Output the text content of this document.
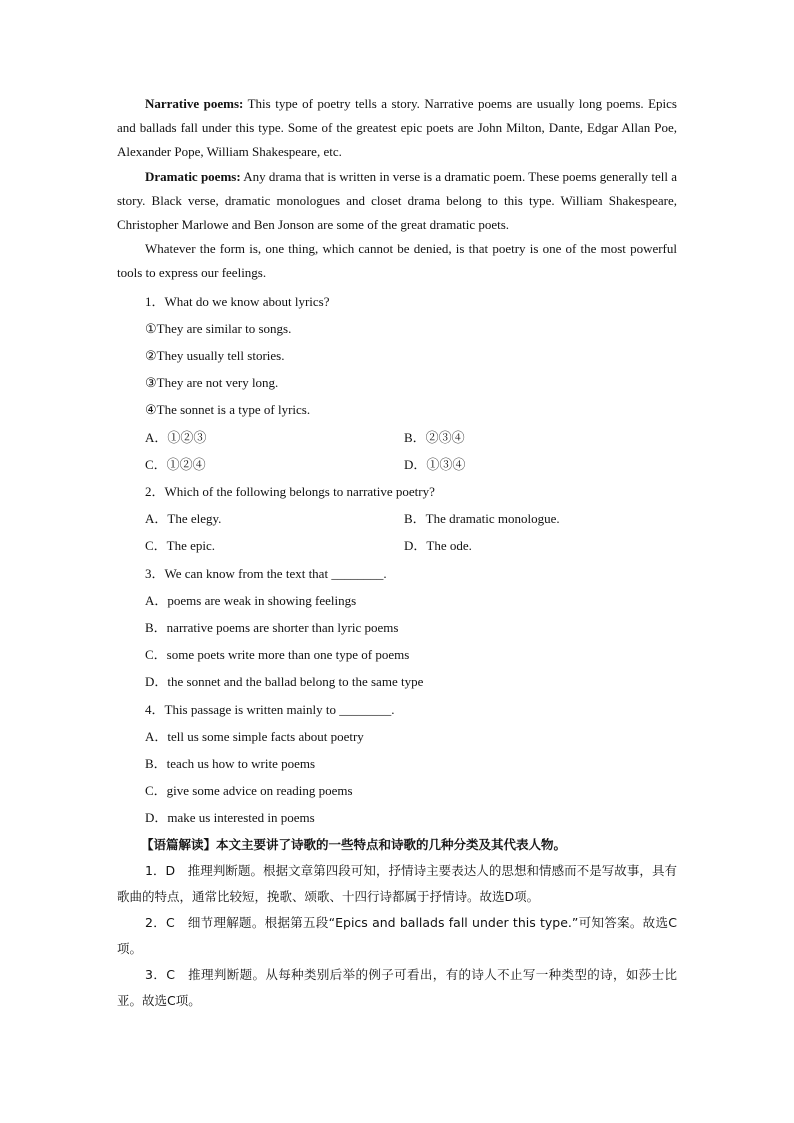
Narrative poems: This type of poetry tells a story. Narrative poems are usually long poems. Epics and ballads fall under this type. Some of the greatest epic poets are John Milton, Dante, Edgar Allan Poe, Alexander Pope, William Shakespeare, etc.

Dramatic poems: Any drama that is written in verse is a dramatic poem. These poems generally tell a story. Black verse, dramatic monologues and closet drama belong to this type. William Shakespeare, Christopher Marlowe and Ben Jonson are some of the great dramatic poets.

Whatever the form is, one thing, which cannot be denied, is that poetry is one of the most powerful tools to express our feelings.

1．What do we know about lyrics?

①They are similar to songs.

②They usually tell stories.

③They are not very long.

④The sonnet is a type of lyrics.

A．①②③	B．②③④
C．①②④	D．①③④

2．Which of the following belongs to narrative poetry?

A．The elegy.	B．The dramatic monologue.
C．The epic.	D．The ode.

3．We can know from the text that ________.

A．poems are weak in showing feelings

B．narrative poems are shorter than lyric poems

C．some poets write more than one type of poems

D．the sonnet and the ballad belong to the same type

4．This passage is written mainly to ________.

A．tell us some simple facts about poetry

B．teach us how to write poems

C．give some advice on reading poems

D．make us interested in poems

【语篇解读】本文主要讲了诗歌的一些特点和诗歌的几种分类及其代表人物。

1．D　推理判断题。根据文章第四段可知，抒情诗主要表达人的思想和情感而不是写故事，具有歌曲的特点，通常比较短，挽歌、颂歌、十四行诗都属于抒情诗。故选D项。

2．C　细节理解题。根据第五段“Epics and ballads fall under this type.”可知答案。故选C项。

3．C　推理判断题。从每种类别后举的例子可看出，有的诗人不止写一种类型的诗，如莎士比亚。故选C项。
